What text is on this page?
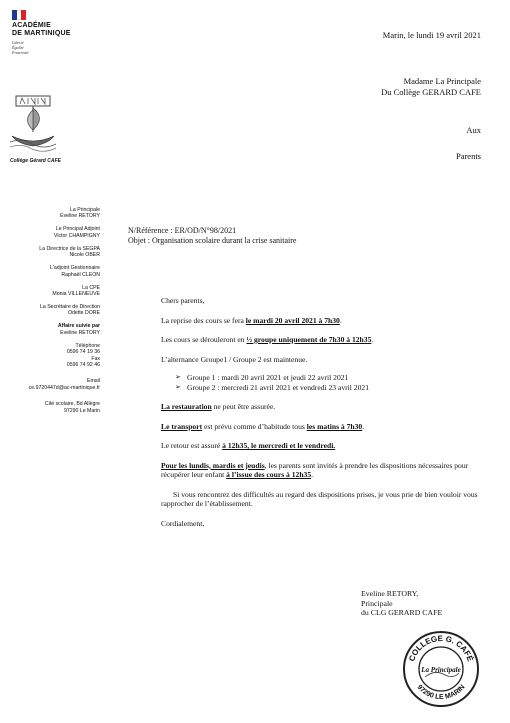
ACADÉMIE
DE MARTINIQUE
Liberté
Égalité
Fraternité
Collège Gérard CAFE
Marin, le lundi 19 avril 2021
Madame La Principale
Du Collège GERARD CAFE
Aux
Parents
La Principale
Eveline RETORY
Le Principal Adjoint
Victor CHAMPIGNY
La Directrice de la SEGPA
Nicole OBER
L'adjoint Gestionnaire
Raphaël CLEON
La CPE
Monia VILLENEUVE
La Secrétaire de Direction
Odette DORE
Affaire suivie par
Eveline RETORY
Téléphone
0596 74 19 36
Fax
0596 74 92 46
Email
ce.9720447d@ac-martinique.fr
Cité scolaire, Bd Allègre
97290 Le Marin
N/Référence : ER/OD/N°98/2021
Objet : Organisation scolaire durant la crise sanitaire

Chers parents,

La reprise des cours se fera le mardi 20 avril 2021 à 7h30.

Les cours se dérouleront en ½ groupe uniquement de 7h30 à 12h35.

L’alternance Groupe1 / Groupe 2 est maintenue.

➢ Groupe 1 : mardi 20 avril 2021 et jeudi 22 avril 2021
➢ Groupe 2 : mercredi 21 avril 2021 et vendredi 23 avril 2021

La restauration ne peut être assurée.

Le transport est prévu comme d’habitude tous les matins à 7h30.

Le retour est assuré à 12h35, le mercredi et le vendredi.

Pour les lundis, mardis et jeudis, les parents sont invités à prendre les dispositions nécessaires pour récupérer leur enfant à l’issue des cours à 12h35.

Si vous rencontrez des difficultés au regard des dispositions prises, je vous prie de bien vouloir vous rapprocher de l’établissement.

Cordialement,

Eveline RETORY,
Principale
du CLG GERARD CAFE
COLLEGE G. CAFÉ
97290 LE MARIN
La Principale
